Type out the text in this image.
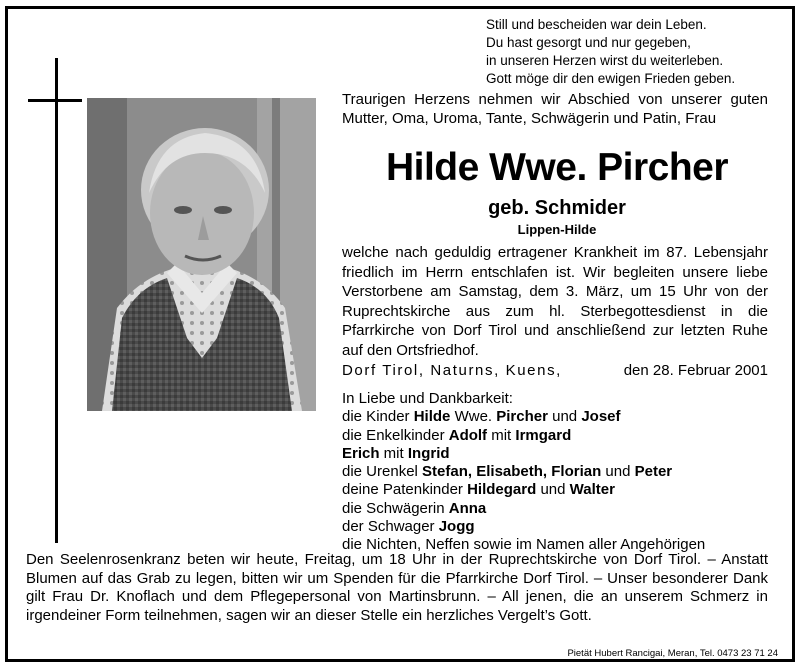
Still und bescheiden war dein Leben.
Du hast gesorgt und nur gegeben,
in unseren Herzen wirst du weiterleben.
Gott möge dir den ewigen Frieden geben.
Traurigen Herzens nehmen wir Abschied von unserer guten Mutter, Oma, Uroma, Tante, Schwägerin und Patin, Frau
Hilde Wwe. Pircher
geb. Schmider
Lippen-Hilde
welche nach geduldig ertragener Krankheit im 87. Lebensjahr friedlich im Herrn entschlafen ist. Wir begleiten unsere liebe Verstorbene am Samstag, dem 3. März, um 15 Uhr von der Ruprechtskirche aus zum hl. Sterbegottesdienst in die Pfarrkirche von Dorf Tirol und anschließend zur letzten Ruhe auf den Ortsfriedhof.
Dorf Tirol, Naturns, Kuens,	den 28. Februar 2001
In Liebe und Dankbarkeit:
die Kinder Hilde Wwe. Pircher und Josef
die Enkelkinder Adolf mit Irmgard
Erich mit Ingrid
die Urenkel Stefan, Elisabeth, Florian und Peter
deine Patenkinder Hildegard und Walter
die Schwägerin Anna
der Schwager Jogg
die Nichten, Neffen sowie im Namen aller Angehörigen
Den Seelenrosenkranz beten wir heute, Freitag, um 18 Uhr in der Ruprechtskirche von Dorf Tirol. – Anstatt Blumen auf das Grab zu legen, bitten wir um Spenden für die Pfarrkirche Dorf Tirol. – Unser besonderer Dank gilt Frau Dr. Knoflach und dem Pflegepersonal von Martinsbrunn. – All jenen, die an unserem Schmerz in irgendeiner Form teilnehmen, sagen wir an dieser Stelle ein herzliches Vergelt’s Gott.
Pietät Hubert Rancigai, Meran, Tel. 0473 23 71 24
